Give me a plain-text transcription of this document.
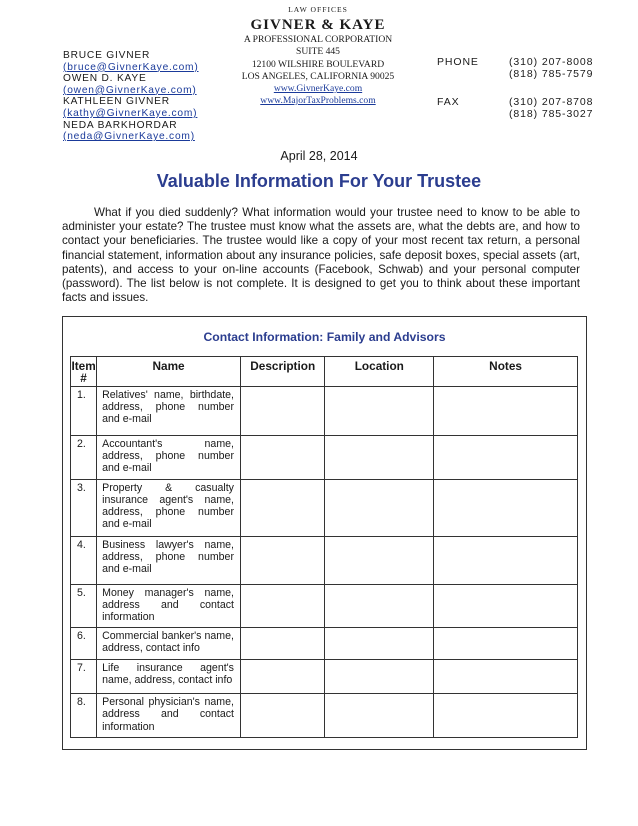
BRUCE GIVNER
(bruce@GivnerKaye.com)
OWEN D. KAYE
(owen@GivnerKaye.com)
KATHLEEN GIVNER
(kathy@GivnerKaye.com)
NEDA BARKHORDAR
(neda@GivnerKaye.com)
LAW OFFICES
GIVNER & KAYE
A PROFESSIONAL CORPORATION
SUITE 445
12100 WILSHIRE BOULEVARD
LOS ANGELES, CALIFORNIA 90025
www.GivnerKaye.com
www.MajorTaxProblems.com
PHONE	(310) 207-8008
(818) 785-7579
FAX	(310) 207-8708
(818) 785-3027
April 28, 2014
Valuable Information For Your Trustee

What if you died suddenly? What information would your trustee need to know to be able to administer your estate? The trustee must know what the assets are, what the debts are, and how to contact your beneficiaries. The trustee would like a copy of your most recent tax return, a personal financial statement, information about any insurance policies, safe deposit boxes, special assets (art, patents), and access to your on-line accounts (Facebook, Schwab) and your personal computer (password). The list below is not complete. It is designed to get you to think about these important facts and issues.

Contact Information: Family and Advisors
Item #	Name	Description	Location	Notes
1.	Relatives' name, birthdate, address, phone number and e-mail			
2.	Accountant's name, address, phone number and e-mail			
3.	Property & casualty insurance agent's name, address, phone number and e-mail			
4.	Business lawyer's name, address, phone number and e-mail			
5.	Money manager's name, address and contact information			
6.	Commercial banker's name, address, contact info			
7.	Life insurance agent's name, address, contact info			
8.	Personal physician's name, address and contact information			
